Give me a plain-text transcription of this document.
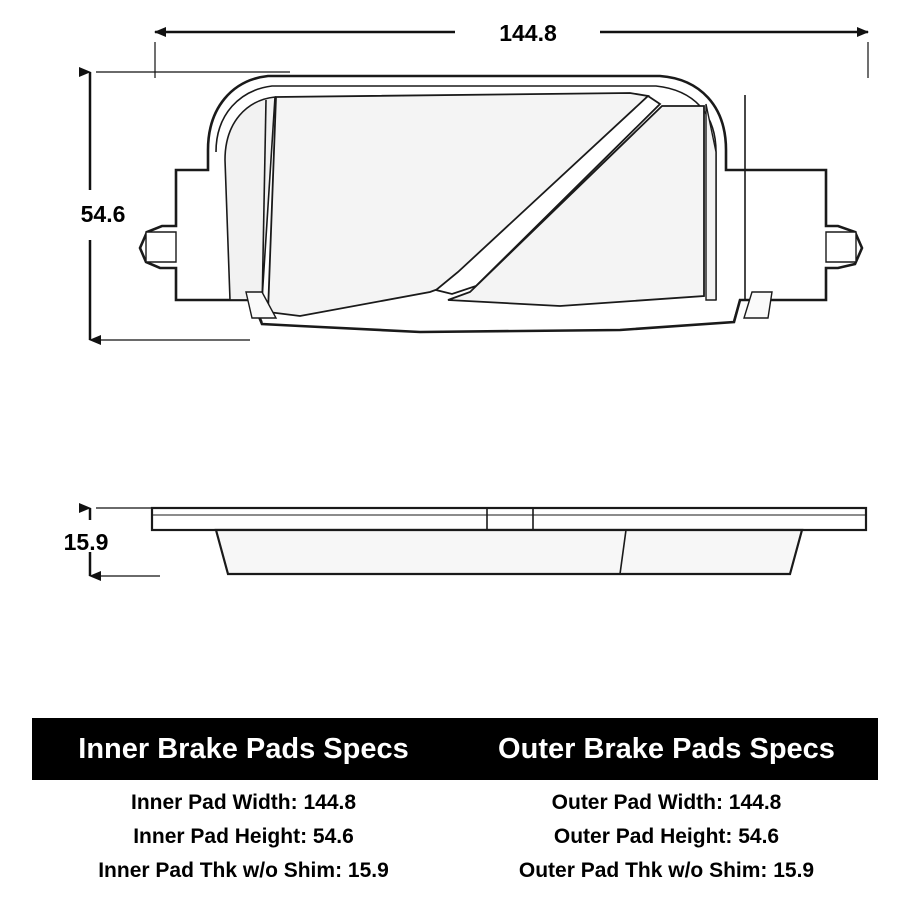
144.8
54.6
15.9
Inner Brake Pads Specs	Outer Brake Pads Specs
Inner Pad Width: 144.8	Outer Pad Width: 144.8
Inner Pad Height: 54.6	Outer Pad Height: 54.6
Inner Pad Thk w/o Shim: 15.9	Outer Pad Thk w/o Shim: 15.9
